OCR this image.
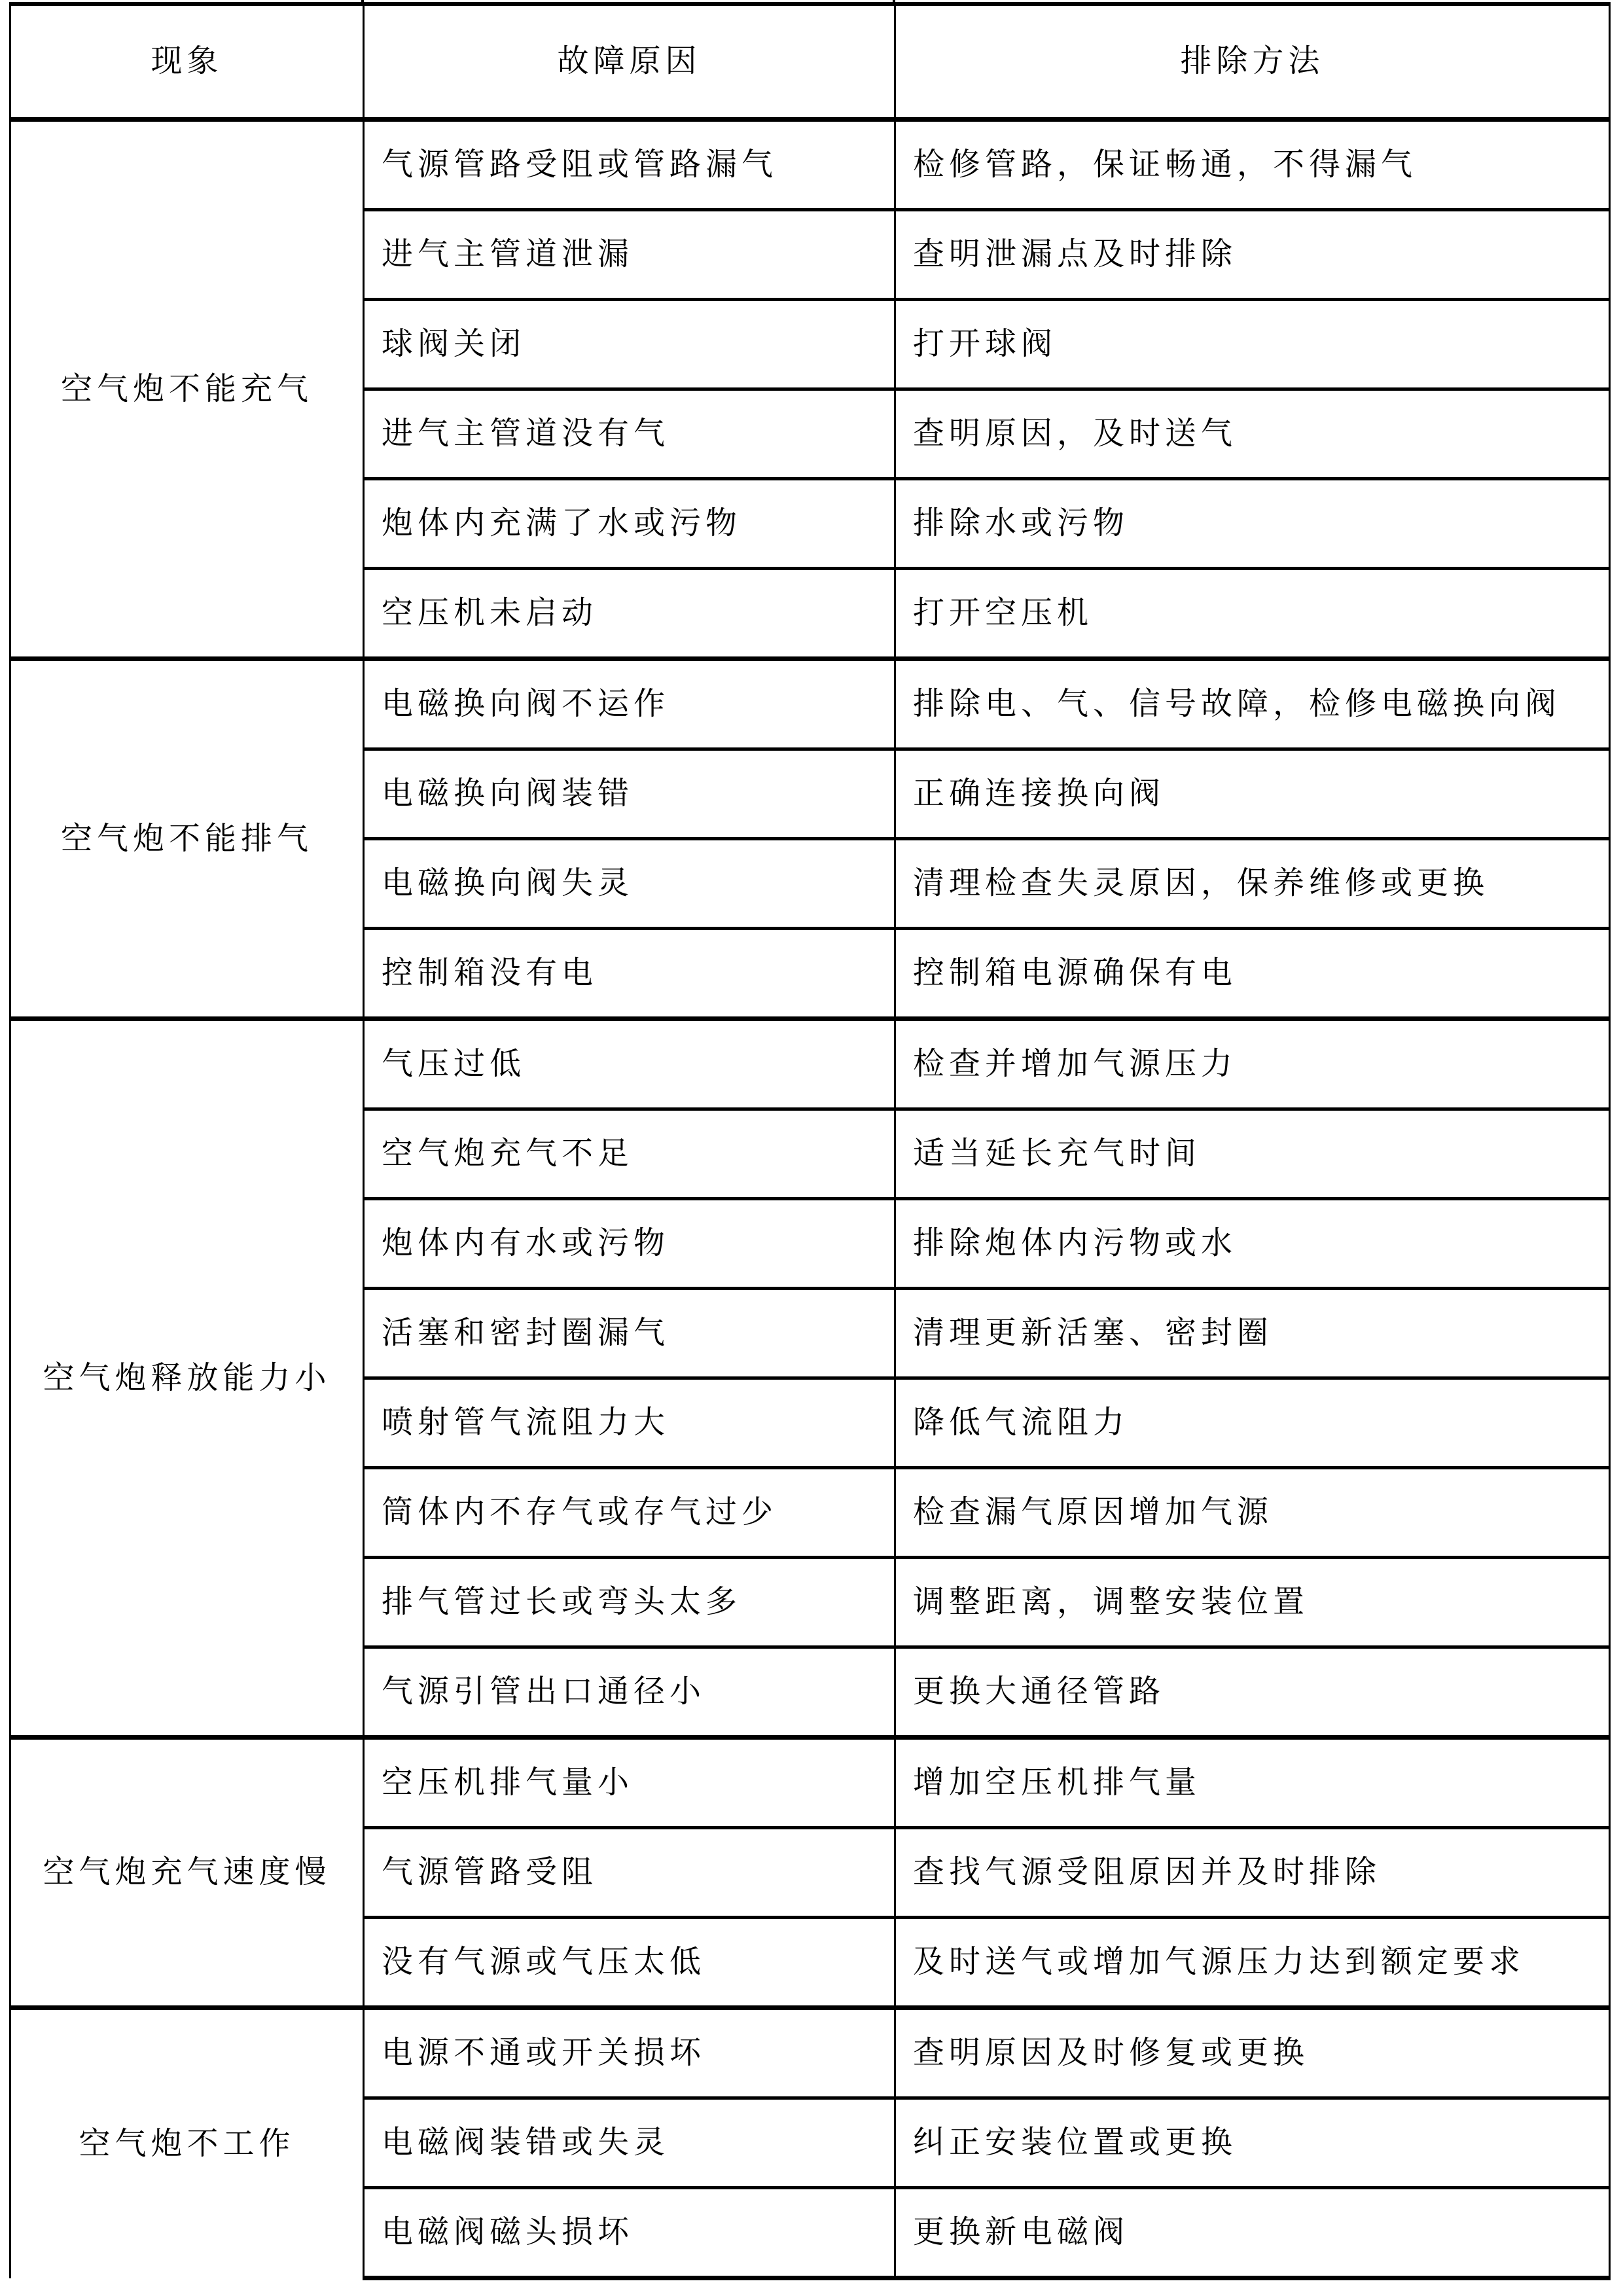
现象	故障原因	排除方法
空气炮不能充气	气源管路受阻或管路漏气	检修管路，保证畅通，不得漏气
	进气主管道泄漏	查明泄漏点及时排除
	球阀关闭	打开球阀
	进气主管道没有气	查明原因，及时送气
	炮体内充满了水或污物	排除水或污物
	空压机未启动	打开空压机
空气炮不能排气	电磁换向阀不运作	排除电、气、信号故障，检修电磁换向阀
	电磁换向阀装错	正确连接换向阀
	电磁换向阀失灵	清理检查失灵原因，保养维修或更换
	控制箱没有电	控制箱电源确保有电
空气炮释放能力小	气压过低	检查并增加气源压力
	空气炮充气不足	适当延长充气时间
	炮体内有水或污物	排除炮体内污物或水
	活塞和密封圈漏气	清理更新活塞、密封圈
	喷射管气流阻力大	降低气流阻力
	筒体内不存气或存气过少	检查漏气原因增加气源
	排气管过长或弯头太多	调整距离，调整安装位置
	气源引管出口通径小	更换大通径管路
空气炮充气速度慢	空压机排气量小	增加空压机排气量
	气源管路受阻	查找气源受阻原因并及时排除
	没有气源或气压太低	及时送气或增加气源压力达到额定要求
空气炮不工作	电源不通或开关损坏	查明原因及时修复或更换
	电磁阀装错或失灵	纠正安装位置或更换
	电磁阀磁头损坏	更换新电磁阀
